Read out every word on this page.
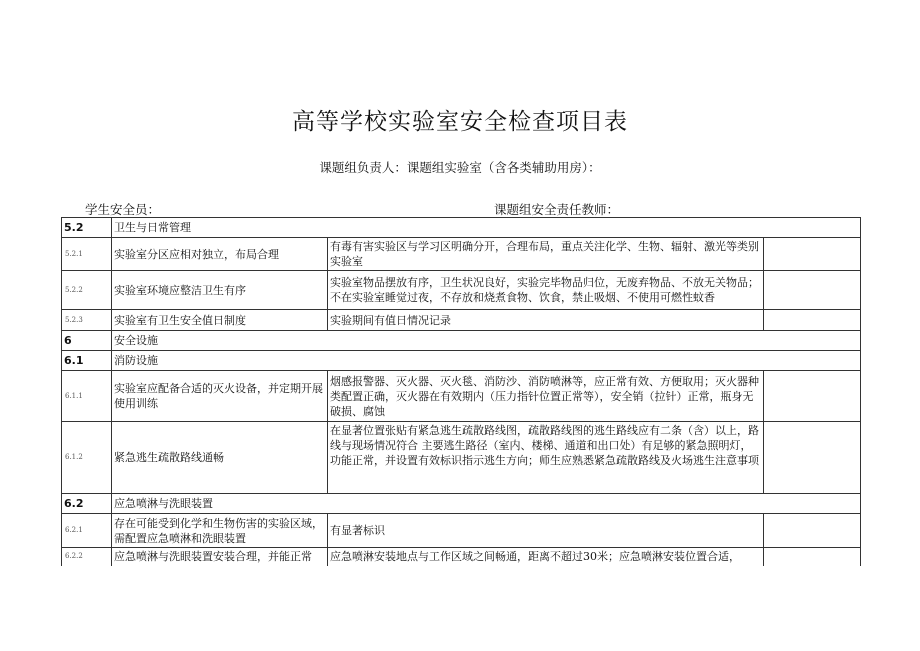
高等学校实验室安全检查项目表
课题组负责人：课题组实验室（含各类辅助用房）：
学生安全员：	课题组安全责任教师：
5.2	卫生与日常管理		
5.2.1	实验室分区应相对独立，布局合理	有毒有害实验区与学习区明确分开，合理布局，重点关注化学、生物、辐射、激光等类别实验室	
5.2.2	实验室环境应整洁卫生有序	实验室物品摆放有序，卫生状况良好，实验完毕物品归位，无废弃物品、不放无关物品；不在实验室睡觉过夜，不存放和烧煮食物、饮食，禁止吸烟、不使用可燃性蚊香	
5.2.3	实验室有卫生安全值日制度	实验期间有值日情况记录	
6	安全设施		
6.1	消防设施		
6.1.1	实验室应配备合适的灭火设备，并定期开展使用训练	烟感报警器、灭火器、灭火毯、消防沙、消防喷淋等，应正常有效、方便取用；灭火器种类配置正确，灭火器在有效期内（压力指针位置正常等），安全销（拉针）正常，瓶身无破损、腐蚀	
6.1.2	紧急逃生疏散路线通畅	在显著位置张贴有紧急逃生疏散路线图，疏散路线图的逃生路线应有二条（含）以上，路线与现场情况符合 主要逃生路径（室内、楼梯、通道和出口处）有足够的紧急照明灯，功能正常，并设置有效标识指示逃生方向；师生应熟悉紧急疏散路线及火场逃生注意事项	
6.2	应急喷淋与洗眼装置		
6.2.1	存在可能受到化学和生物伤害的实验区域，需配置应急喷淋和洗眼装置	有显著标识	
6.2.2	应急喷淋与洗眼装置安装合理，并能正常	应急喷淋安装地点与工作区域之间畅通，距离不超过30米；应急喷淋安装位置合适，	
